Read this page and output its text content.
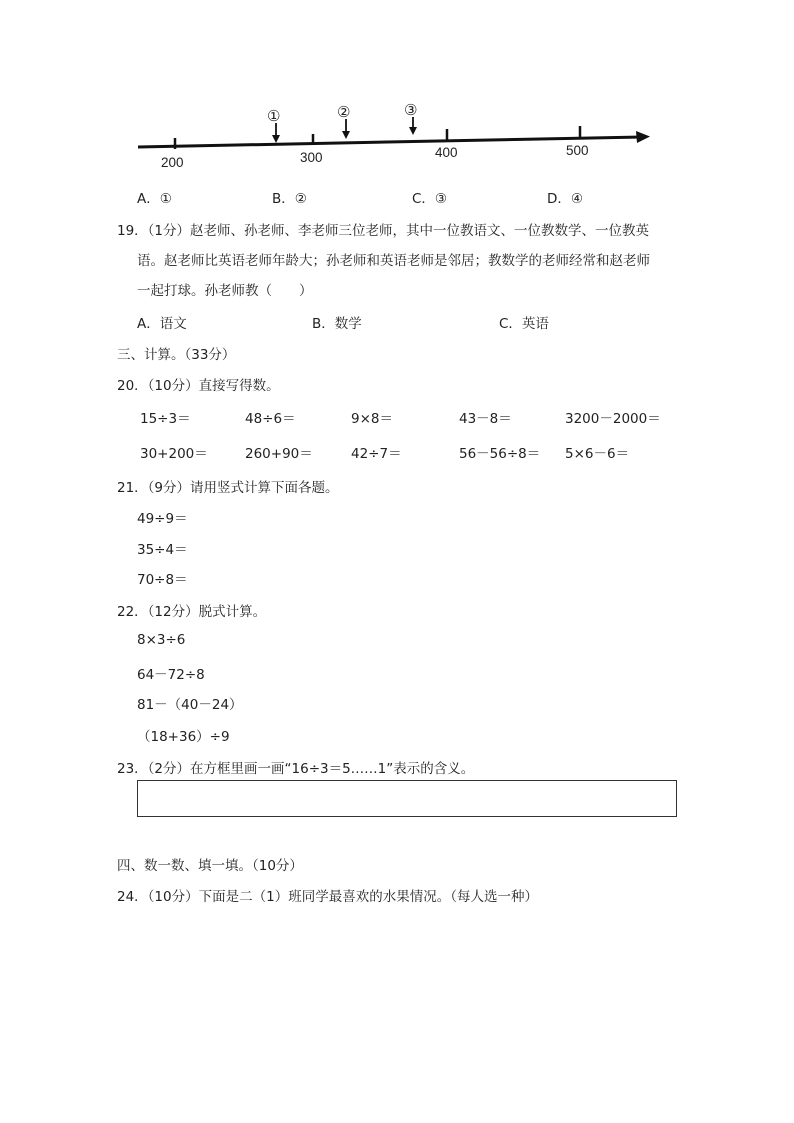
200	300	400	500
①	②	③
A．①	B．②	C．③	D．④
19．（1分）赵老师、孙老师、李老师三位老师，其中一位教语文、一位教数学、一位教英
语。赵老师比英语老师年龄大；孙老师和英语老师是邻居；教数学的老师经常和赵老师
一起打球。孙老师教（　　）
A．语文	B．数学	C．英语
三、计算。（33分）
20．（10分）直接写得数。
15÷3＝	48÷6＝	9×8＝	43－8＝	3200－2000＝
30+200＝	260+90＝	42÷7＝	56－56÷8＝ 5×6－6＝
21．（9分）请用竖式计算下面各题。
49÷9＝
35÷4＝
70÷8＝
22．（12分）脱式计算。
8×3÷6
64－72÷8
81－（40－24）
（18+36）÷9
23．（2分）在方框里画一画“16÷3＝5……1”表示的含义。
四、数一数、填一填。（10分）
24．（10分）下面是二（1）班同学最喜欢的水果情况。（每人选一种）
